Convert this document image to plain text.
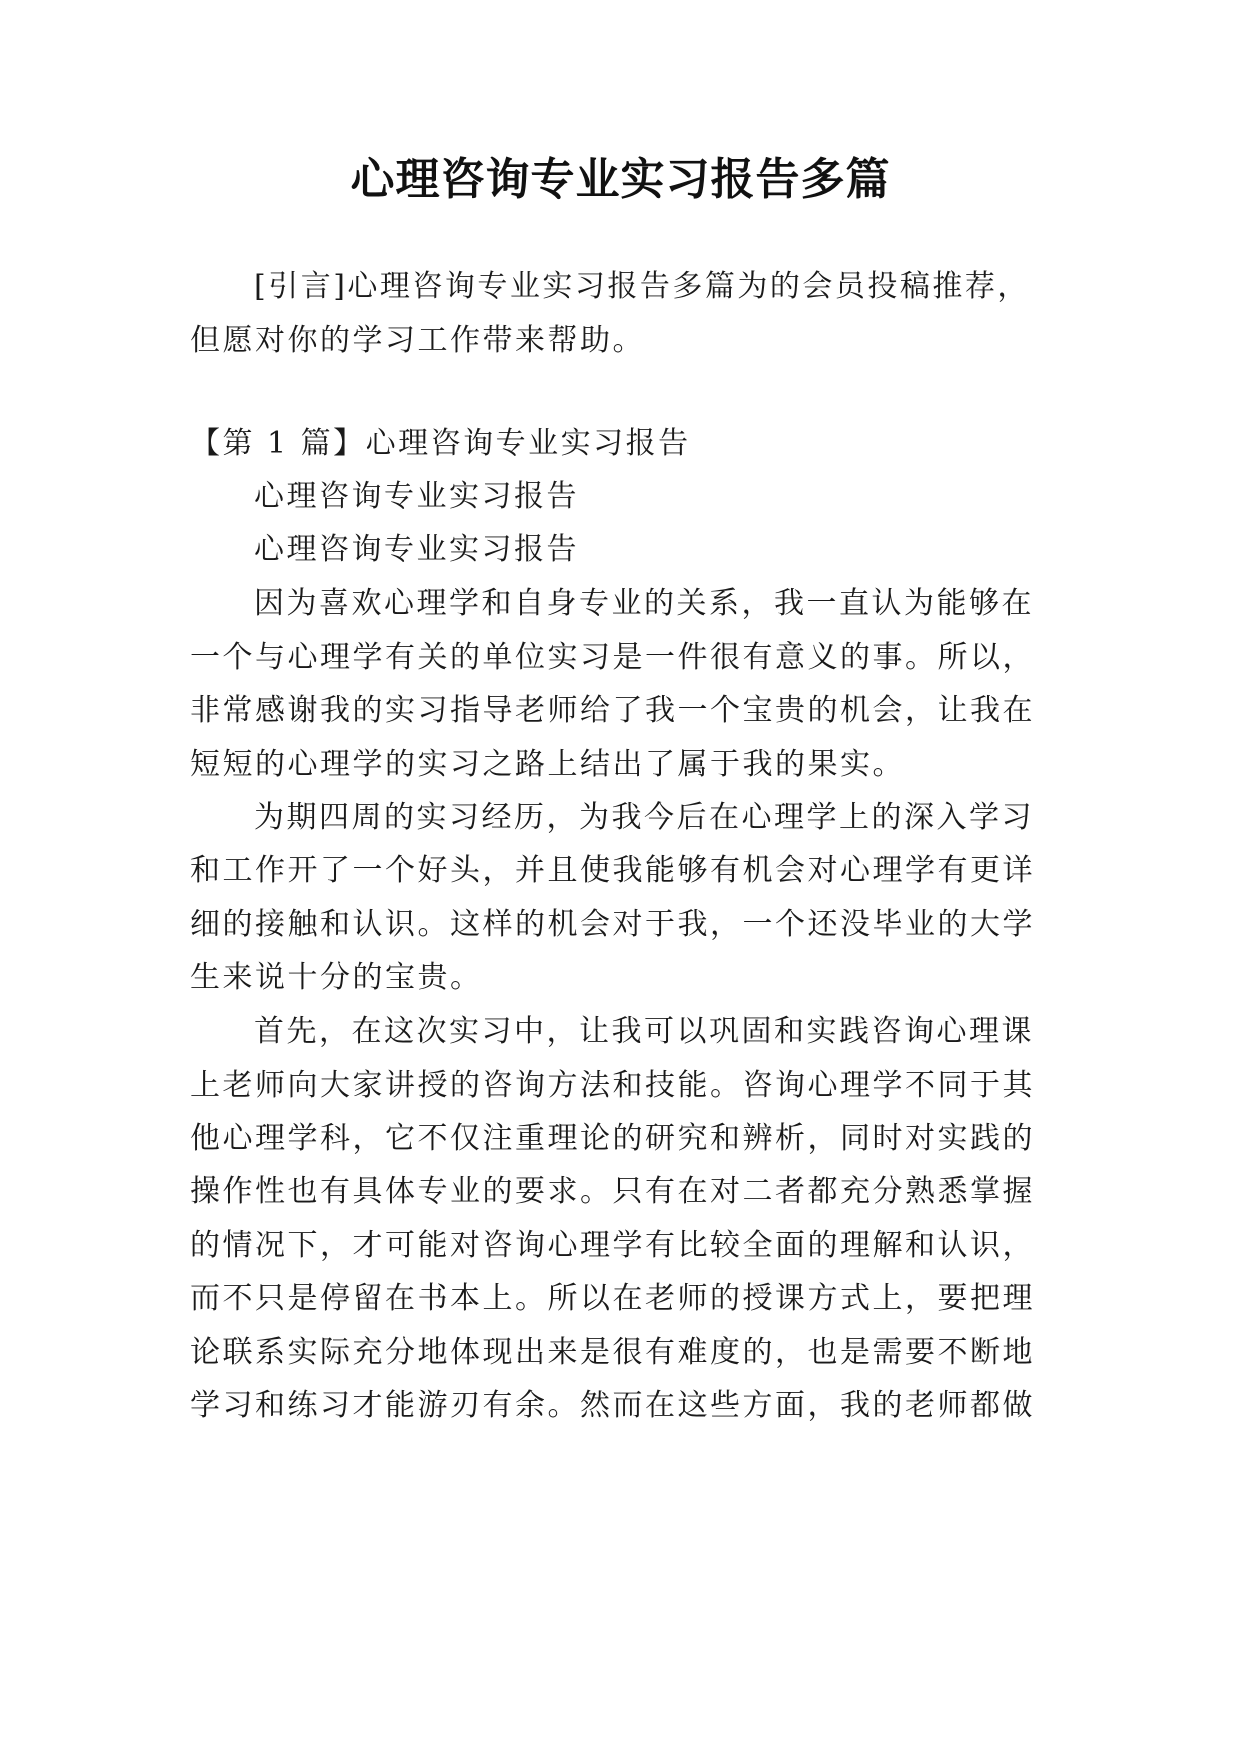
心理咨询专业实习报告多篇
[引言]心理咨询专业实习报告多篇为的会员投稿推荐，
但愿对你的学习工作带来帮助。
【第 1 篇】心理咨询专业实习报告
心理咨询专业实习报告
心理咨询专业实习报告
因为喜欢心理学和自身专业的关系，我一直认为能够在
一个与心理学有关的单位实习是一件很有意义的事。所以，
非常感谢我的实习指导老师给了我一个宝贵的机会，让我在
短短的心理学的实习之路上结出了属于我的果实。
为期四周的实习经历，为我今后在心理学上的深入学习
和工作开了一个好头，并且使我能够有机会对心理学有更详
细的接触和认识。这样的机会对于我，一个还没毕业的大学
生来说十分的宝贵。
首先，在这次实习中，让我可以巩固和实践咨询心理课
上老师向大家讲授的咨询方法和技能。咨询心理学不同于其
他心理学科，它不仅注重理论的研究和辨析，同时对实践的
操作性也有具体专业的要求。只有在对二者都充分熟悉掌握
的情况下，才可能对咨询心理学有比较全面的理解和认识，
而不只是停留在书本上。所以在老师的授课方式上，要把理
论联系实际充分地体现出来是很有难度的，也是需要不断地
学习和练习才能游刃有余。然而在这些方面，我的老师都做
